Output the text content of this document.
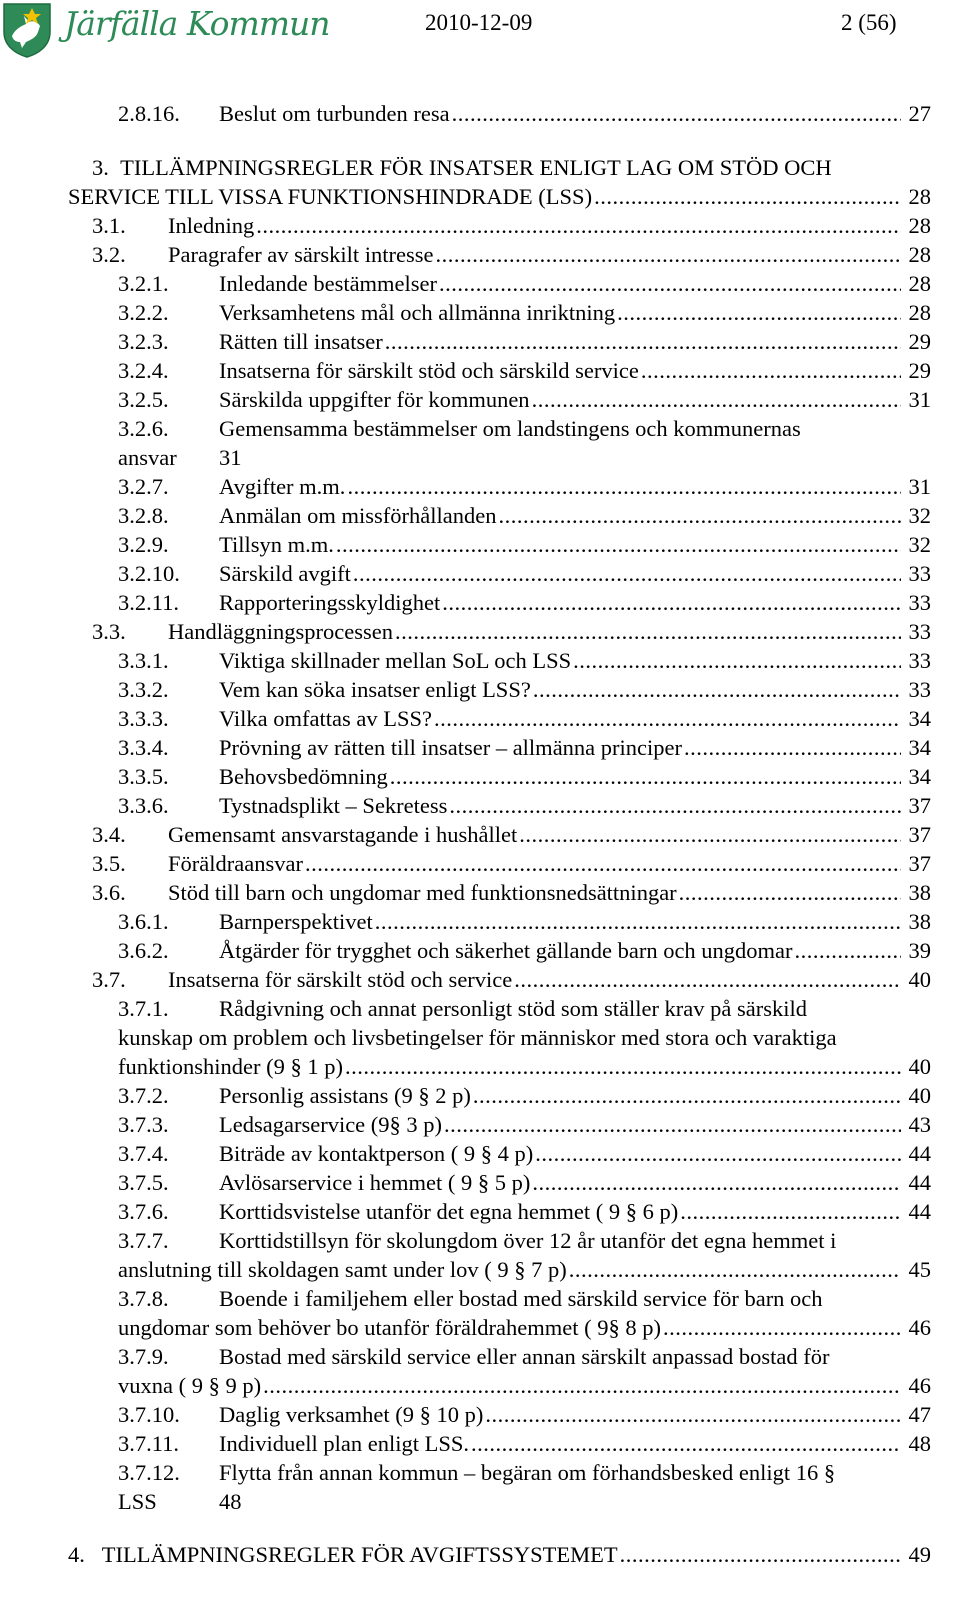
Järfälla Kommun	2010-12-09	2 (56)
2.8.16. Beslut om turbunden resa .....	27
3.  TILLÄMPNINGSREGLER FÖR INSATSER ENLIGT LAG OM STÖD OCH
SERVICE TILL VISSA FUNKTIONSHINDRADE (LSS) .....	28
3.1. Inledning .....	28
3.2. Paragrafer av särskilt intresse .....	28
3.2.1. Inledande bestämmelser .....	28
3.2.2. Verksamhetens mål och allmänna inriktning .....	28
3.2.3. Rätten till insatser .....	29
3.2.4. Insatserna för särskilt stöd och särskild service .....	29
3.2.5. Särskilda uppgifter för kommunen .....	31
3.2.6. Gemensamma bestämmelser om landstingens och kommunernas
ansvar 31
3.2.7. Avgifter m.m. .....	31
3.2.8. Anmälan om missförhållanden .....	32
3.2.9. Tillsyn m.m. .....	32
3.2.10. Särskild avgift .....	33
3.2.11. Rapporteringsskyldighet .....	33
3.3. Handläggningsprocessen .....	33
3.3.1. Viktiga skillnader mellan SoL och LSS .....	33
3.3.2. Vem kan söka insatser enligt LSS? .....	33
3.3.3. Vilka omfattas av LSS? .....	34
3.3.4. Prövning av rätten till insatser – allmänna principer .....	34
3.3.5. Behovsbedömning .....	34
3.3.6. Tystnadsplikt – Sekretess .....	37
3.4. Gemensamt ansvarstagande i hushållet .....	37
3.5. Föräldraansvar .....	37
3.6. Stöd till barn och ungdomar med funktionsnedsättningar .....	38
3.6.1. Barnperspektivet .....	38
3.6.2. Åtgärder för trygghet och säkerhet gällande barn och ungdomar .....	39
3.7. Insatserna för särskilt stöd och service .....	40
3.7.1. Rådgivning och annat personligt stöd som ställer krav på särskild
kunskap om problem och livsbetingelser för människor med stora och varaktiga
funktionshinder (9 § 1 p) .....	40
3.7.2. Personlig assistans (9 § 2 p) .....	40
3.7.3. Ledsagarservice (9§ 3 p) .....	43
3.7.4. Biträde av kontaktperson ( 9 § 4 p) .....	44
3.7.5. Avlösarservice i hemmet ( 9 § 5 p) .....	44
3.7.6. Korttidsvistelse utanför det egna hemmet ( 9 § 6 p) .....	44
3.7.7. Korttidstillsyn för skolungdom över 12 år utanför det egna hemmet i
anslutning till skoldagen samt under lov ( 9 § 7 p) .....	45
3.7.8. Boende i familjehem eller bostad med särskild service för barn och
ungdomar som behöver bo utanför föräldrahemmet ( 9§ 8 p) .....	46
3.7.9. Bostad med särskild service eller annan särskilt anpassad bostad för
vuxna ( 9 § 9 p) .....	46
3.7.10. Daglig verksamhet (9 § 10 p) .....	47
3.7.11. Individuell plan enligt LSS. .....	48
3.7.12. Flytta från annan kommun – begäran om förhandsbesked enligt 16 §
LSS	48
4.   TILLÄMPNINGSREGLER FÖR AVGIFTSSYSTEMET .....	49
